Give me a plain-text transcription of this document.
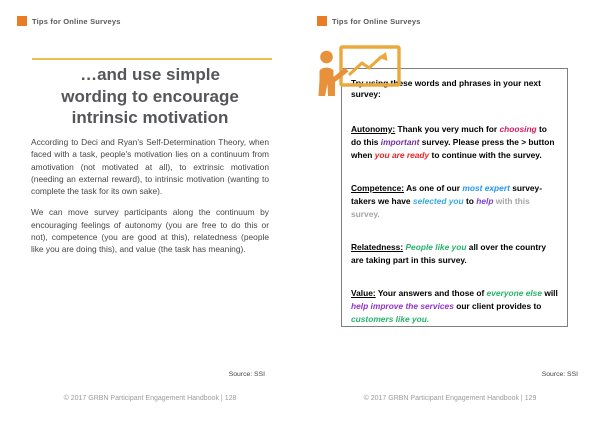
Tips for Online Surveys
…and use simple
wording to encourage
intrinsic motivation

According to Deci and Ryan's Self-Determination Theory, when faced with a task, people's motivation lies on a continuum from amotivation (not motivated at all), to extrinsic motivation (needing an external reward), to intrinsic motivation (wanting to complete the task for its own sake).

We can move survey participants along the continuum by encouraging feelings of autonomy (you are free to do this or not), competence (you are good at this), relatedness (people like you are doing this), and value (the task has meaning).

Source: SSI
© 2017 GRBN Participant Engagement Handbook | 128
Tips for Online Surveys

Try using these words and phrases in your next survey:

Autonomy: Thank you very much for choosing to do this important survey. Please press the > button when you are ready to continue with the survey.

Competence: As one of our most expert survey-takers we have selected you to help with this survey.

Relatedness: People like you all over the country are taking part in this survey.

Value: Your answers and those of everyone else will help improve the services our client provides to customers like you.

Source: SSI
© 2017 GRBN Participant Engagement Handbook | 129
